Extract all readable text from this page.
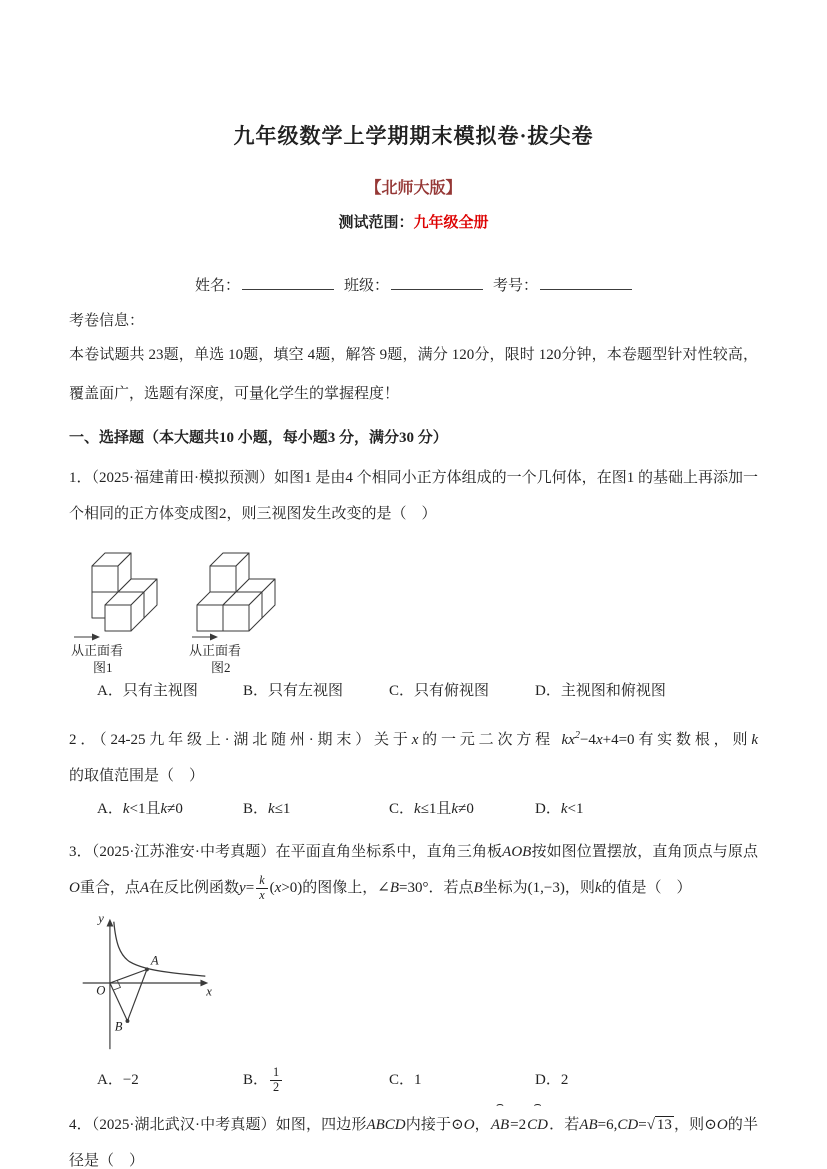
九年级数学上学期期末模拟卷·拔尖卷
【北师大版】
测试范围：九年级全册
姓名：	班级：	考号：
考卷信息：
本卷试题共 23题，单选 10题，填空 4题，解答 9题，满分 120分，限时 120分钟，本卷题型针对性较高，覆盖面广，选题有深度，可量化学生的掌握程度！
一、选择题（本大题共10 小题，每小题3 分，满分30 分）
1．（2025·福建莆田·模拟预测）如图1 是由4 个相同小正方体组成的一个几何体，在图1 的基础上再添加一个相同的正方体变成图2，则三视图发生改变的是（　）
从正面看
图1
从正面看
图2
A．只有主视图	B．只有左视图	C．只有俯视图	D．主视图和俯视图
2．（24-25九年级上·湖北随州·期末）关于x的一元二次方程 $kx^2-4x+4=0$有实数根，则k的取值范围是（　）
A．k<1且k≠0	B．k≤1	C．k≤1且k≠0	D．k<1
3．（2025·江苏淮安·中考真题）在平面直角坐标系中，直角三角板AOB按如图位置摆放，直角顶点与原点O重合，点A在反比例函数$y= \frac{k}{x} (x>0)$的图像上，∠B=30°．若点B坐标为(1,−3)，则k的值是（　）
y
x
O
A
B
A．−2	B． $\frac{1}{2}$	C．1	D．2
4．（2025·湖北武汉·中考真题）如图，四边形ABCD内接于⊙O，
⌢
AB=2
⌢
CD．若AB=6,CD=√ 13 ，则⊙O的半径是（　）
